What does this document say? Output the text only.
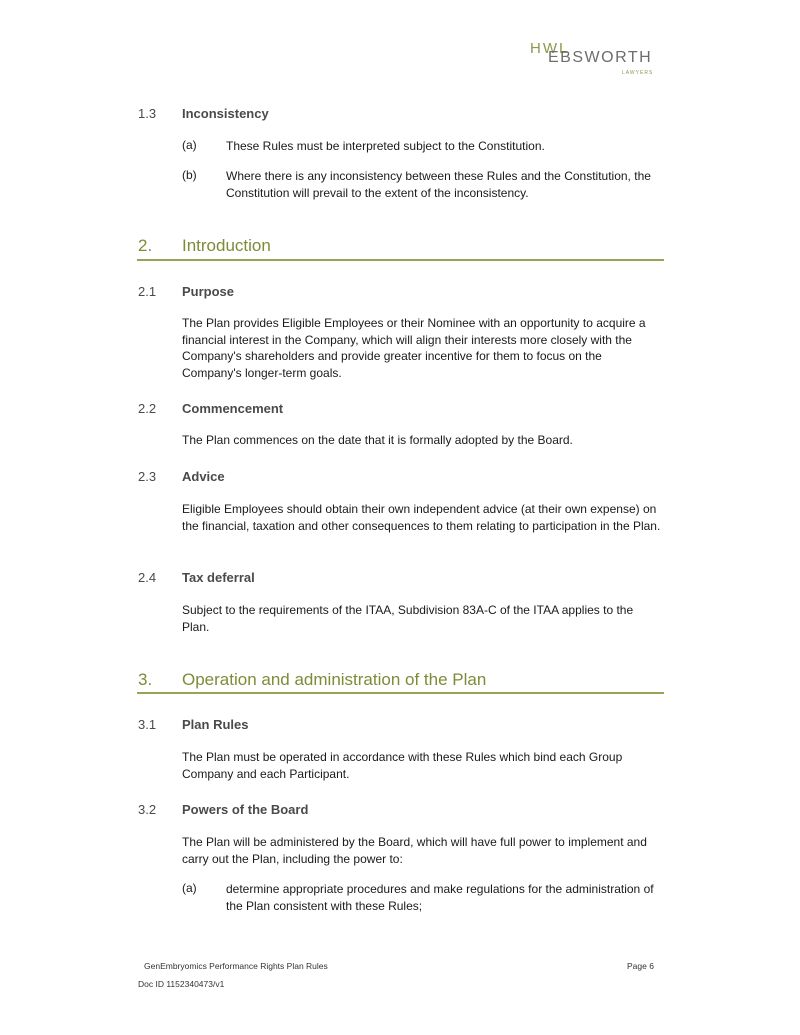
HWL
EBSWORTH
LAWYERS
1.3 Inconsistency
(a) These Rules must be interpreted subject to the Constitution.
(b) Where there is any inconsistency between these Rules and the Constitution, the Constitution will prevail to the extent of the inconsistency.
2. Introduction
2.1 Purpose
The Plan provides Eligible Employees or their Nominee with an opportunity to acquire a financial interest in the Company, which will align their interests more closely with the Company's shareholders and provide greater incentive for them to focus on the Company's longer-term goals.
2.2 Commencement
The Plan commences on the date that it is formally adopted by the Board.
2.3 Advice
Eligible Employees should obtain their own independent advice (at their own expense) on the financial, taxation and other consequences to them relating to participation in the Plan.
2.4 Tax deferral
Subject to the requirements of the ITAA, Subdivision 83A-C of the ITAA applies to the Plan.
3. Operation and administration of the Plan
3.1 Plan Rules
The Plan must be operated in accordance with these Rules which bind each Group Company and each Participant.
3.2 Powers of the Board
The Plan will be administered by the Board, which will have full power to implement and carry out the Plan, including the power to:
(a) determine appropriate procedures and make regulations for the administration of the Plan consistent with these Rules;
GenEmbryomics Performance Rights Plan Rules	Page 6
Doc ID 1152340473/v1
